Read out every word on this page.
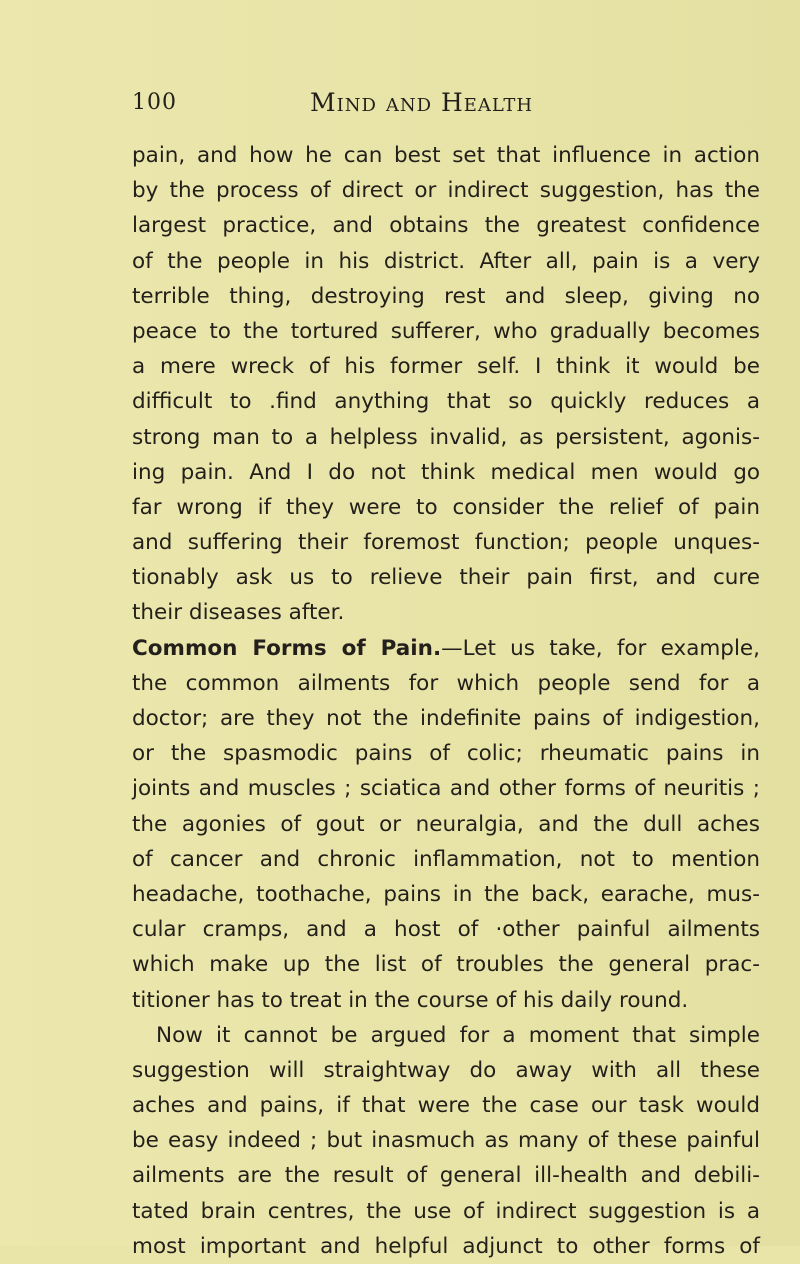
100	Mind and Health
pain, and how he can best set that influence in action
by the process of direct or indirect suggestion, has the
largest practice, and obtains the greatest confidence
of the people in his district. After all, pain is a very
terrible thing, destroying rest and sleep, giving no
peace to the tortured sufferer, who gradually becomes
a mere wreck of his former self. I think it would be
difficult to .find anything that so quickly reduces a
strong man to a helpless invalid, as persistent, agonis-
ing pain. And I do not think medical men would go
far wrong if they were to consider the relief of pain
and suffering their foremost function; people unques-
tionably ask us to relieve their pain first, and cure
their diseases after.
Common Forms of Pain.—Let us take, for example,
the common ailments for which people send for a
doctor; are they not the indefinite pains of indigestion,
or the spasmodic pains of colic; rheumatic pains in
joints and muscles ; sciatica and other forms of neuritis ;
the agonies of gout or neuralgia, and the dull aches
of cancer and chronic inflammation, not to mention
headache, toothache, pains in the back, earache, mus-
cular cramps, and a host of ·other painful ailments
which make up the list of troubles the general prac-
titioner has to treat in the course of his daily round.
Now it cannot be argued for a moment that simple
suggestion will straightway do away with all these
aches and pains, if that were the case our task would
be easy indeed ; but inasmuch as many of these painful
ailments are the result of general ill-health and debili-
tated brain centres, the use of indirect suggestion is a
most important and helpful adjunct to other forms of
